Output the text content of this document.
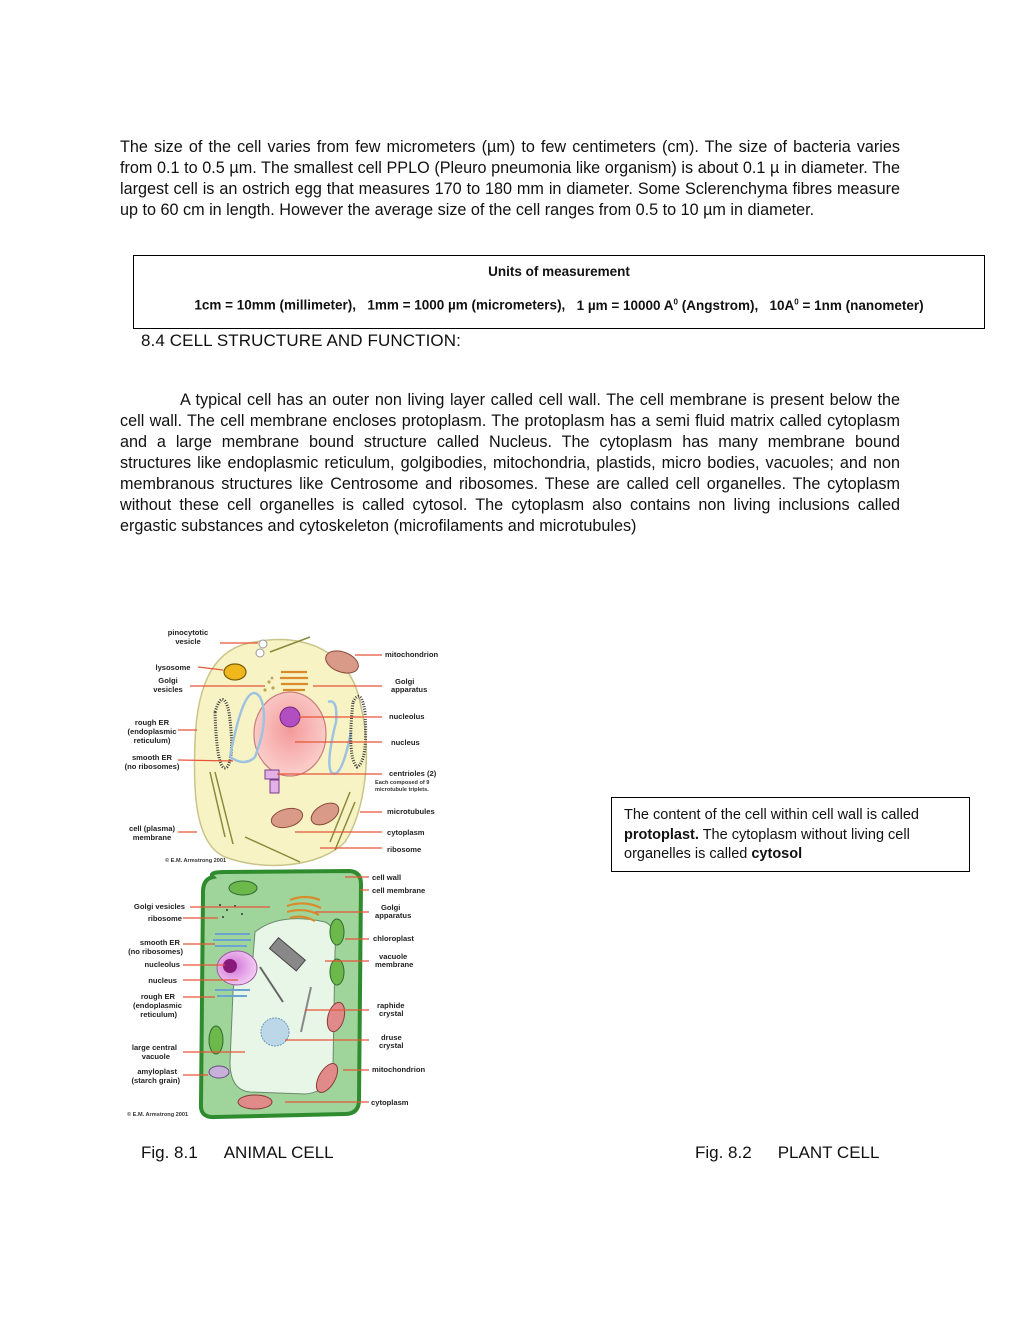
The size of the cell varies from few micrometers (µm) to few centimeters (cm). The size of bacteria varies from 0.1 to 0.5 µm. The smallest cell PPLO (Pleuro pneumonia like organism) is about 0.1 µ in diameter. The largest cell is an ostrich egg that measures 170 to 180 mm in diameter. Some Sclerenchyma fibres measure up to 60 cm in length. However the average size of the cell ranges from 0.5 to 10 µm in diameter.

Units of measurement
1cm = 10mm (millimeter), 1mm = 1000 µm (micrometers), 1 µm = 10000 $A^0$ (Angstrom), $10A^0 = 1nm$ (nanometer)
8.4 CELL STRUCTURE AND FUNCTION:

A typical cell has an outer non living layer called cell wall. The cell membrane is present below the cell wall. The cell membrane encloses protoplasm. The protoplasm has a semi fluid matrix called cytoplasm and a large membrane bound structure called Nucleus. The cytoplasm has many membrane bound structures like endoplasmic reticulum, golgibodies, mitochondria, plastids, micro bodies, vacuoles; and non membranous structures like Centrosome and ribosomes. These are called cell organelles. The cytoplasm without these cell organelles is called cytosol. The cytoplasm also contains non living inclusions called ergastic substances and cytoskeleton (microfilaments and microtubules)

pinocytotic
vesicle
lysosome
Golgi
vesicles
rough ER
(endoplasmic
reticulum)
smooth ER
(no ribosomes)
cell (plasma)
membrane
mitochondrion
Golgi
apparatus
nucleolus
nucleus
centrioles (2)
Each composed of 9
microtubule triplets.
microtubules
cytoplasm
ribosome
© E.M. Armstrong 2001
Golgi vesicles
ribosome
smooth ER
(no ribosomes)
nucleolus
nucleus
rough ER
(endoplasmic
reticulum)
large central
vacuole
amyloplast
(starch grain)
cell wall
cell membrane
Golgi
apparatus
chloroplast
vacuole
membrane
raphide
crystal
druse
crystal
mitochondrion
cytoplasm
© E.M. Armstrong 2001
The content of the cell within cell wall is called protoplast. The cytoplasm without living cell organelles is called cytosol
Fig. 8.1 ANIMAL CELL	Fig. 8.2 PLANT CELL
